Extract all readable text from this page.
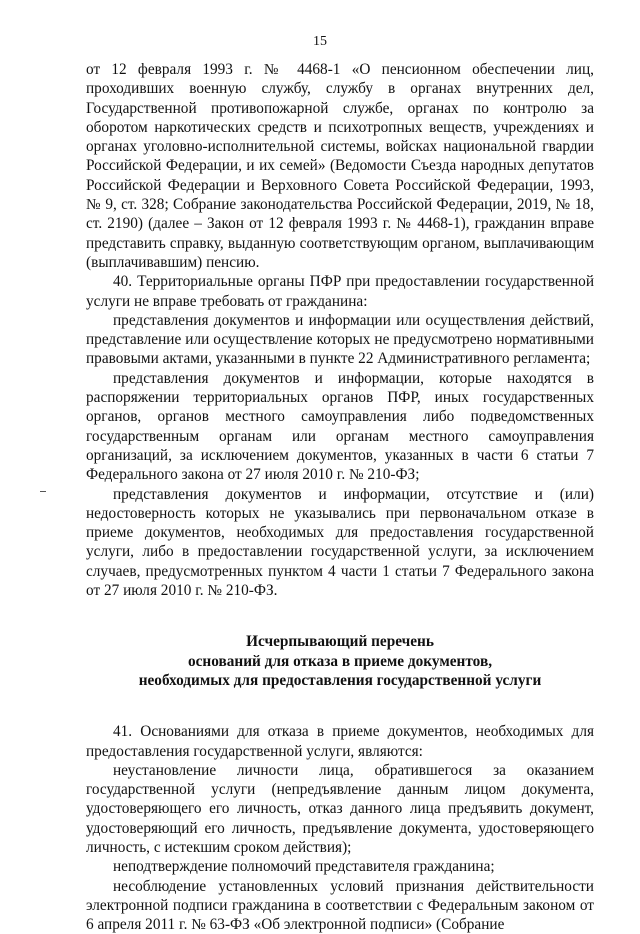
15

от 12 февраля 1993 г. № 4468-1 «О пенсионном обеспечении лиц, проходивших военную службу, службу в органах внутренних дел, Государственной противопожарной службе, органах по контролю за оборотом наркотических средств и психотропных веществ, учреждениях и органах уголовно-исполнительной системы, войсках национальной гвардии Российской Федерации, и их семей» (Ведомости Съезда народных депутатов Российской Федерации и Верховного Совета Российской Федерации, 1993, № 9, ст. 328; Собрание законодательства Российской Федерации, 2019, № 18, ст. 2190) (далее – Закон от 12 февраля 1993 г. № 4468-1), гражданин вправе представить справку, выданную соответствующим органом, выплачивающим (выплачивавшим) пенсию.

40. Территориальные органы ПФР при предоставлении государственной услуги не вправе требовать от гражданина:

представления документов и информации или осуществления действий, представление или осуществление которых не предусмотрено нормативными правовыми актами, указанными в пункте 22 Административного регламента;

представления документов и информации, которые находятся в распоряжении территориальных органов ПФР, иных государственных органов, органов местного самоуправления либо подведомственных государственным органам или органам местного самоуправления организаций, за исключением документов, указанных в части 6 статьи 7 Федерального закона от 27 июля 2010 г. № 210-ФЗ;

представления документов и информации, отсутствие и (или) недостоверность которых не указывались при первоначальном отказе в приеме документов, необходимых для предоставления государственной услуги, либо в предоставлении государственной услуги, за исключением случаев, предусмотренных пунктом 4 части 1 статьи 7 Федерального закона от 27 июля 2010 г. № 210-ФЗ.

Исчерпывающий перечень
оснований для отказа в приеме документов,
необходимых для предоставления государственной услуги

41. Основаниями для отказа в приеме документов, необходимых для предоставления государственной услуги, являются:

неустановление личности лица, обратившегося за оказанием государственной услуги (непредъявление данным лицом документа, удостоверяющего его личность, отказ данного лица предъявить документ, удостоверяющий его личность, предъявление документа, удостоверяющего личность, с истекшим сроком действия);

неподтверждение полномочий представителя гражданина;

несоблюдение установленных условий признания действительности электронной подписи гражданина в соответствии с Федеральным законом от 6 апреля 2011 г. № 63-ФЗ «Об электронной подписи» (Собрание
